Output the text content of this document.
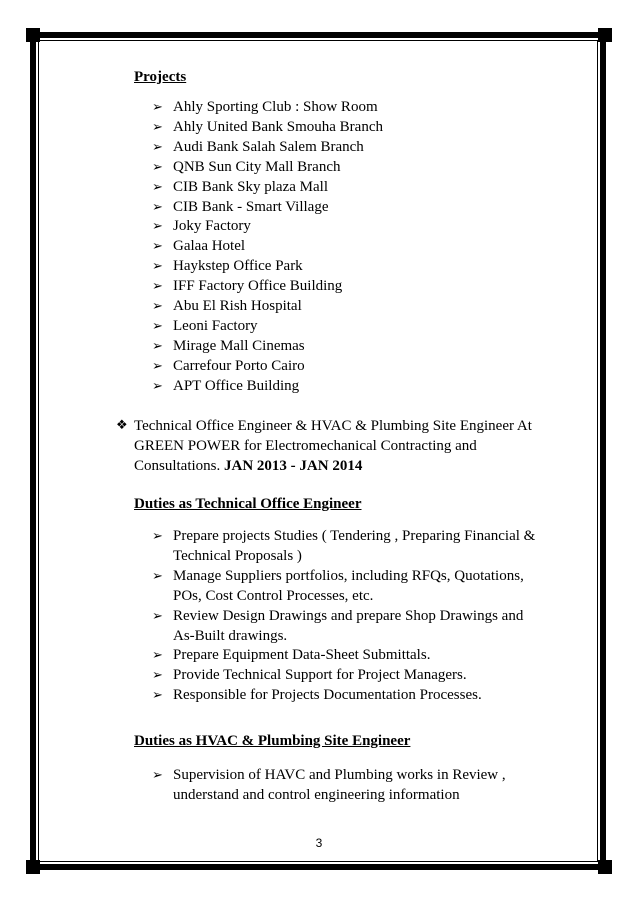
Projects
➢ Ahly Sporting Club : Show Room
➢ Ahly United Bank Smouha Branch
➢ Audi Bank Salah Salem Branch
➢ QNB Sun City Mall Branch
➢ CIB Bank Sky plaza Mall
➢ CIB Bank - Smart Village
➢ Joky Factory
➢ Galaa Hotel
➢ Haykstep Office Park
➢ IFF Factory Office Building
➢ Abu El Rish Hospital
➢ Leoni Factory
➢ Mirage Mall Cinemas
➢ Carrefour Porto Cairo
➢ APT Office Building
❖ Technical Office Engineer & HVAC & Plumbing Site Engineer At
GREEN POWER for Electromechanical Contracting and
Consultations. JAN 2013 - JAN 2014
Duties as Technical Office Engineer
➢ Prepare projects Studies ( Tendering , Preparing Financial &
Technical Proposals )
➢ Manage Suppliers portfolios, including RFQs, Quotations,
POs, Cost Control Processes, etc.
➢ Review Design Drawings and prepare Shop Drawings and
As-Built drawings.
➢ Prepare Equipment Data-Sheet Submittals.
➢ Provide Technical Support for Project Managers.
➢ Responsible for Projects Documentation Processes.
Duties as HVAC & Plumbing Site Engineer
➢ Supervision of HAVC and Plumbing works in Review ,
understand and control engineering information
3
